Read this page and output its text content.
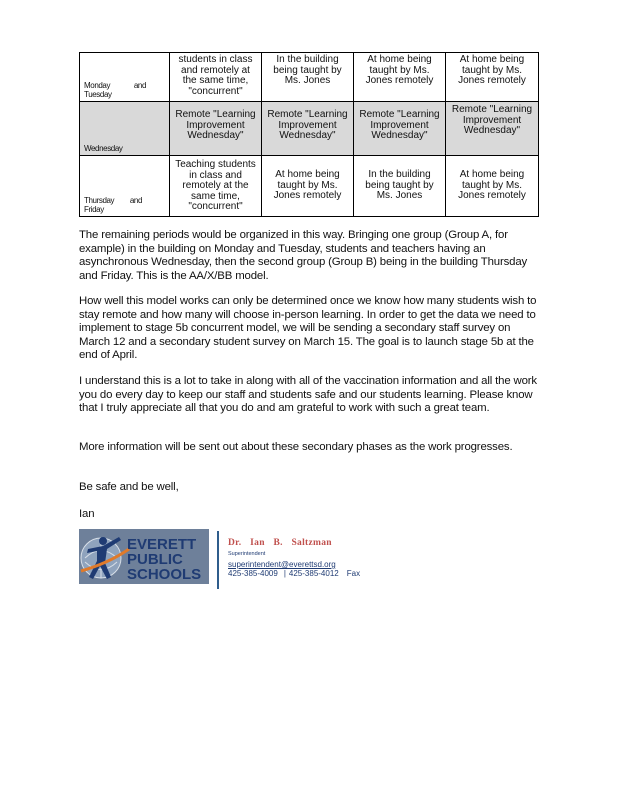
Monday and
Tuesday	students in class and remotely at the same time, "concurrent"	In the building being taught by Ms. Jones	At home being taught by Ms. Jones remotely	At home being taught by Ms. Jones remotely

Wednesday	Remote "Learning Improvement Wednesday"	Remote "Learning Improvement Wednesday"	Remote "Learning Improvement Wednesday"	Remote "Learning Improvement Wednesday"

Thursday and
Friday	Teaching students in class and remotely at the same time, "concurrent"	At home being taught by Ms. Jones remotely	In the building being taught by Ms. Jones	At home being taught by Ms. Jones remotely

The remaining periods would be organized in this way. Bringing one group (Group A, for example) in the building on Monday and Tuesday, students and teachers having an asynchronous Wednesday, then the second group (Group B) being in the building Thursday and Friday. This is the AA/X/BB model.

How well this model works can only be determined once we know how many students wish to stay remote and how many will choose in-person learning. In order to get the data we need to implement to stage 5b concurrent model, we will be sending a secondary staff survey on March 12 and a secondary student survey on March 15. The goal is to launch stage 5b at the end of April.

I understand this is a lot to take in along with all of the vaccination information and all the work you do every day to keep our staff and students safe and our students learning. Please know that I truly appreciate all that you do and am grateful to work with such a great team.

More information will be sent out about these secondary phases as the work progresses.

Be safe and be well,

Ian

EVERETT
PUBLIC
SCHOOLS
Dr. Ian B. Saltzman
Superintendent
superintendent@everettsd.org
425-385-4009 | 425-385-4012 Fax
